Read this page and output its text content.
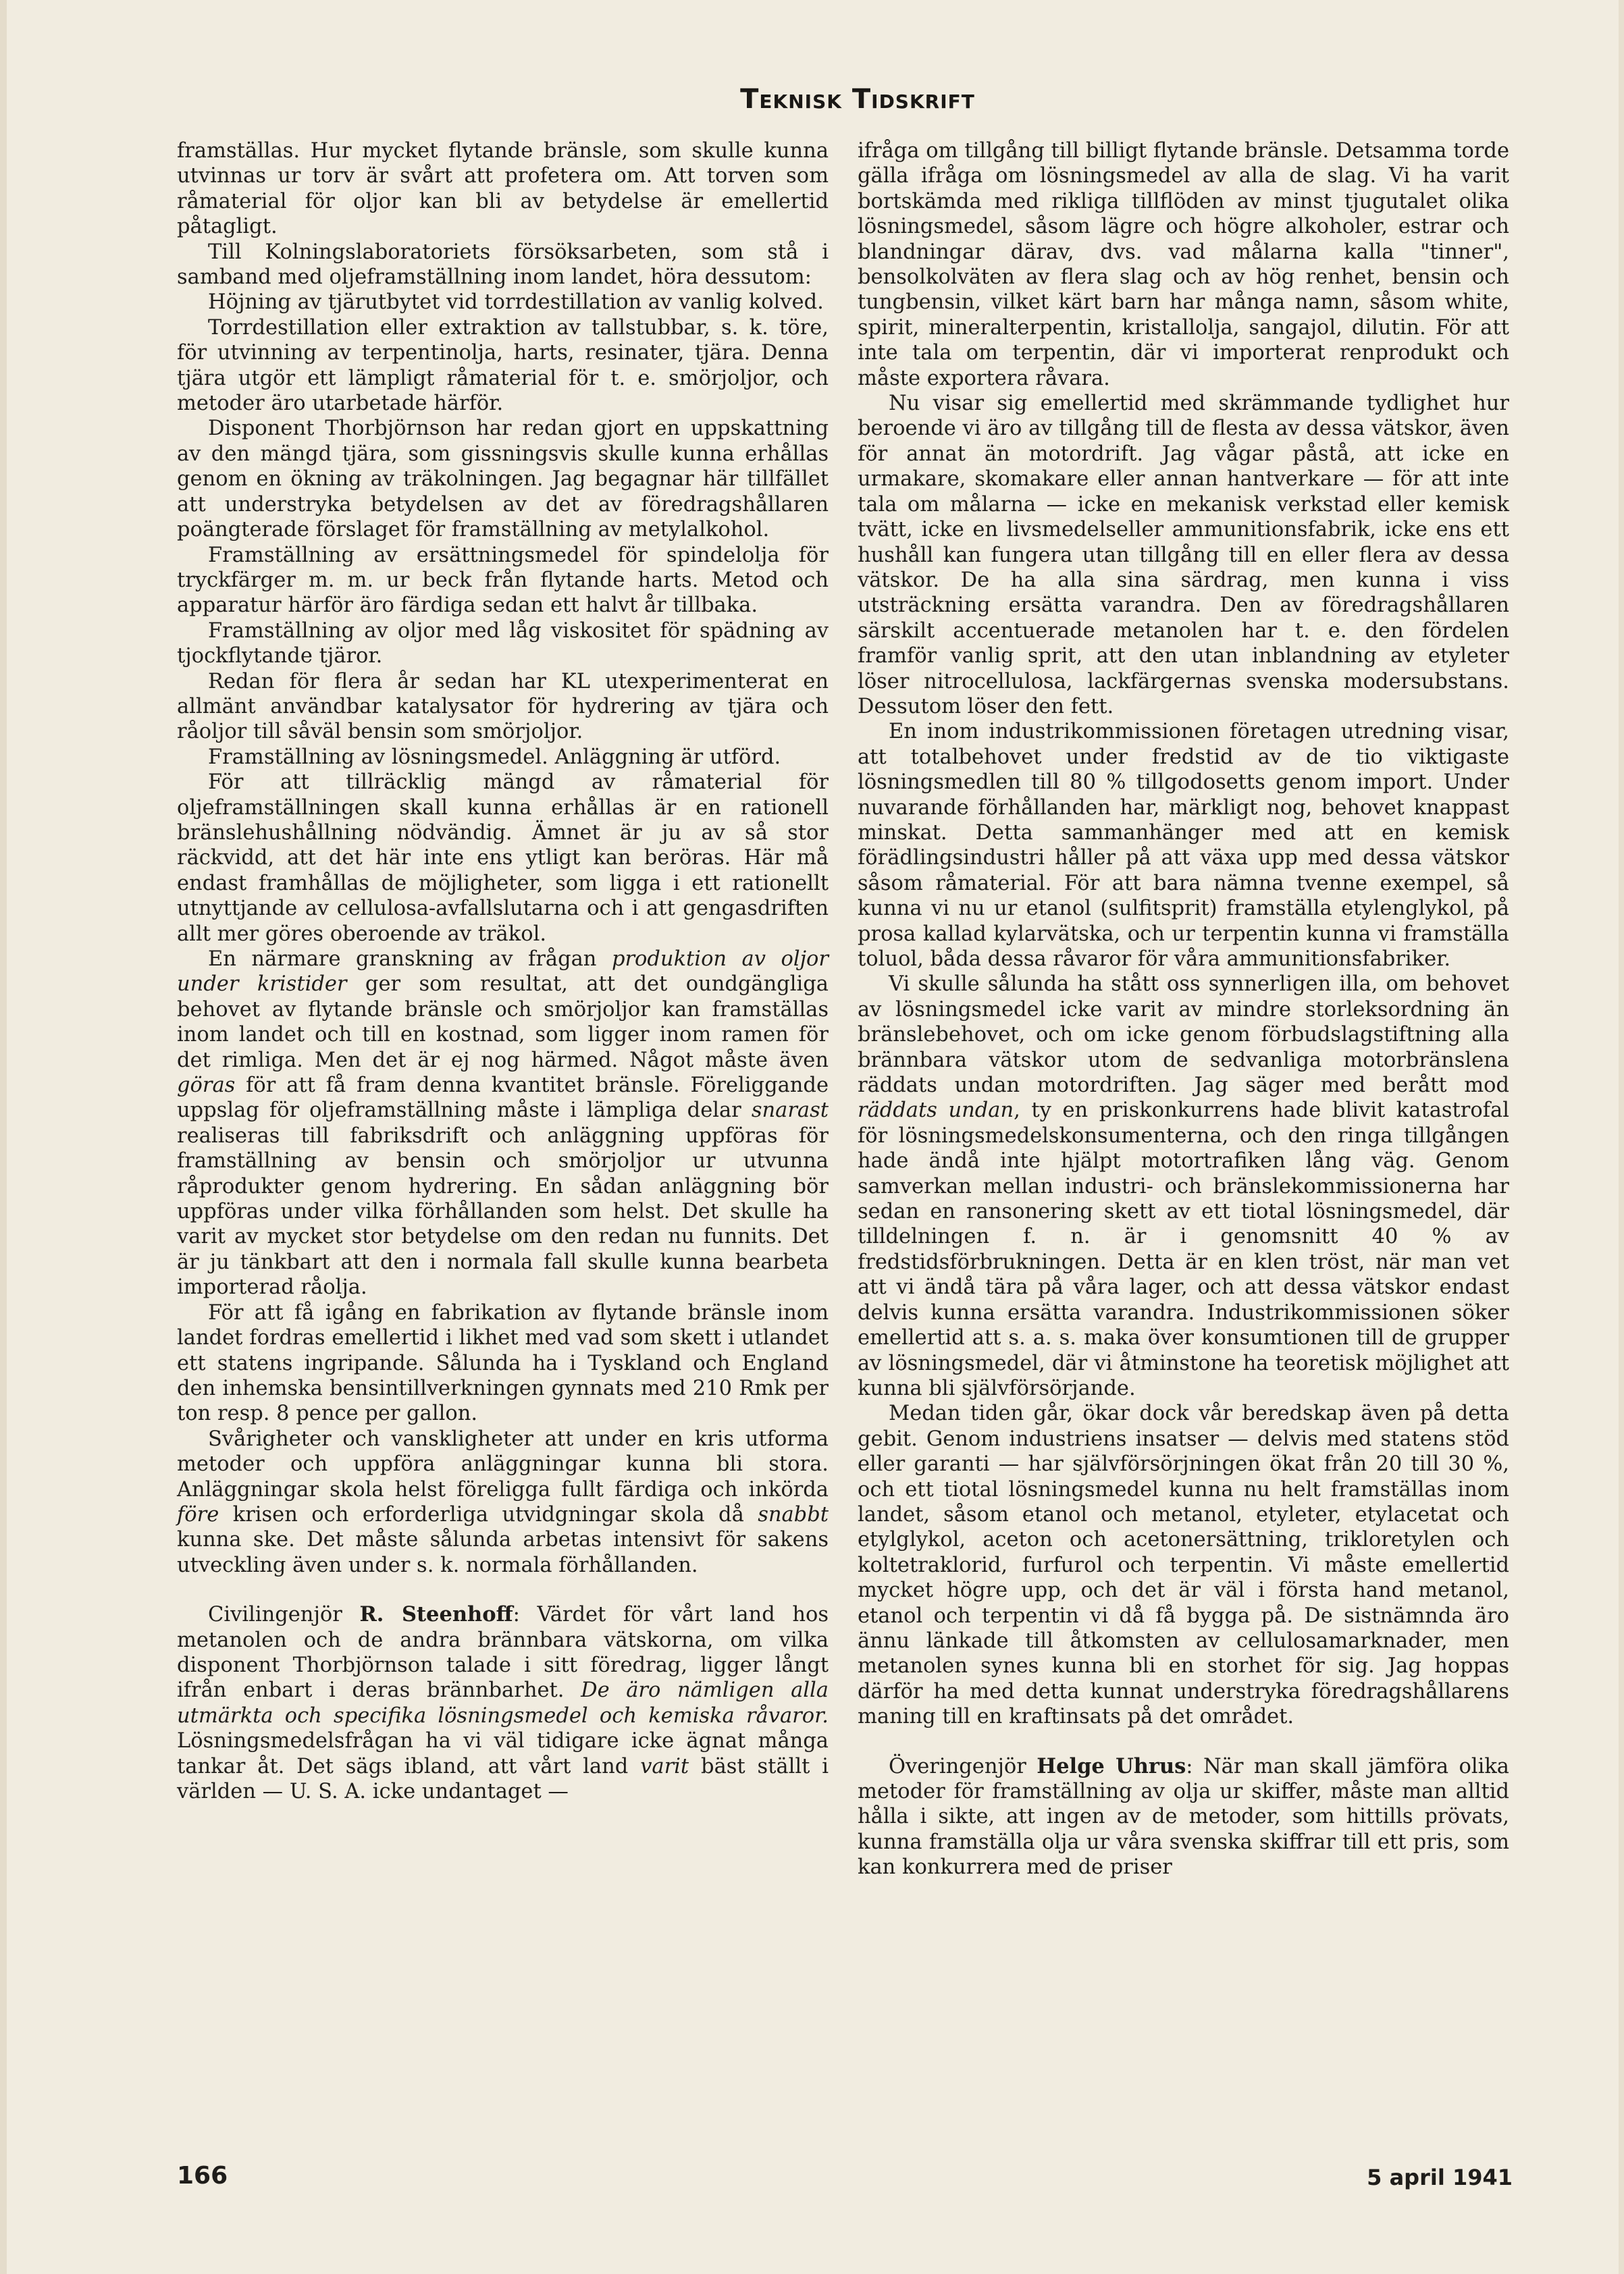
Teknisk Tidskrift

framställas. Hur mycket flytande bränsle, som skulle kunna utvinnas ur torv är svårt att profetera om. Att torven som råmaterial för oljor kan bli av betydelse är emellertid påtagligt.

Till Kolningslaboratoriets försöksarbeten, som stå i samband med oljeframställning inom landet, höra dessutom:

Höjning av tjärutbytet vid torrdestillation av vanlig kolved.

Torrdestillation eller extraktion av tallstubbar, s. k. töre, för utvinning av terpentinolja, harts, resinater, tjära. Denna tjära utgör ett lämpligt råmaterial för t. e. smörjoljor, och metoder äro utarbetade härför.

Disponent Thorbjörnson har redan gjort en uppskattning av den mängd tjära, som gissningsvis skulle kunna erhållas genom en ökning av träkolningen. Jag begagnar här tillfället att understryka betydelsen av det av föredragshållaren poängterade förslaget för framställning av metylalkohol.

Framställning av ersättningsmedel för spindelolja för tryckfärger m. m. ur beck från flytande harts. Metod och apparatur härför äro färdiga sedan ett halvt år tillbaka.

Framställning av oljor med låg viskositet för spädning av tjockflytande tjäror.

Redan för flera år sedan har KL utexperimenterat en allmänt användbar katalysator för hydrering av tjära och råoljor till såväl bensin som smörjoljor.

Framställning av lösningsmedel. Anläggning är utförd.

För att tillräcklig mängd av råmaterial för oljeframställningen skall kunna erhållas är en rationell bränslehushållning nödvändig. Ämnet är ju av så stor räckvidd, att det här inte ens ytligt kan beröras. Här må endast framhållas de möjligheter, som ligga i ett rationellt utnyttjande av cellulosa-avfallslutarna och i att gengasdriften allt mer göres oberoende av träkol.

En närmare granskning av frågan produktion av oljor under kristider ger som resultat, att det oundgängliga behovet av flytande bränsle och smörjoljor kan framställas inom landet och till en kostnad, som ligger inom ramen för det rimliga. Men det är ej nog härmed. Något måste även göras för att få fram denna kvantitet bränsle. Föreliggande uppslag för oljeframställning måste i lämpliga delar snarast realiseras till fabriksdrift och anläggning uppföras för framställning av bensin och smörjoljor ur utvunna råprodukter genom hydrering. En sådan anläggning bör uppföras under vilka förhållanden som helst. Det skulle ha varit av mycket stor betydelse om den redan nu funnits. Det är ju tänkbart att den i normala fall skulle kunna bearbeta importerad råolja.

För att få igång en fabrikation av flytande bränsle inom landet fordras emellertid i likhet med vad som skett i utlandet ett statens ingripande. Sålunda ha i Tyskland och England den inhemska bensintillverkningen gynnats med 210 Rmk per ton resp. 8 pence per gallon.

Svårigheter och vanskligheter att under en kris utforma metoder och uppföra anläggningar kunna bli stora. Anläggningar skola helst föreligga fullt färdiga och inkörda före krisen och erforderliga utvidgningar skola då snabbt kunna ske. Det måste sålunda arbetas intensivt för sakens utveckling även under s. k. normala förhållanden.

Civilingenjör R. Steenhoff: Värdet för vårt land hos metanolen och de andra brännbara vätskorna, om vilka disponent Thorbjörnson talade i sitt föredrag, ligger långt ifrån enbart i deras brännbarhet. De äro nämligen alla utmärkta och specifika lösningsmedel och kemiska råvaror. Lösningsmedelsfrågan ha vi väl tidigare icke ägnat många tankar åt. Det sägs ibland, att vårt land varit bäst ställt i världen — U. S. A. icke undantaget —

ifråga om tillgång till billigt flytande bränsle. Detsamma torde gälla ifråga om lösningsmedel av alla de slag. Vi ha varit bortskämda med rikliga tillflöden av minst tjugutalet olika lösningsmedel, såsom lägre och högre alkoholer, estrar och blandningar därav, dvs. vad målarna kalla "tinner", bensolkolväten av flera slag och av hög renhet, bensin och tungbensin, vilket kärt barn har många namn, såsom white, spirit, mineralterpentin, kristallolja, sangajol, dilutin. För att inte tala om terpentin, där vi importerat renprodukt och måste exportera råvara.

Nu visar sig emellertid med skrämmande tydlighet hur beroende vi äro av tillgång till de flesta av dessa vätskor, även för annat än motordrift. Jag vågar påstå, att icke en urmakare, skomakare eller annan hantverkare — för att inte tala om målarna — icke en mekanisk verkstad eller kemisk tvätt, icke en livsmedelseller ammunitionsfabrik, icke ens ett hushåll kan fungera utan tillgång till en eller flera av dessa vätskor. De ha alla sina särdrag, men kunna i viss utsträckning ersätta varandra. Den av föredragshållaren särskilt accentuerade metanolen har t. e. den fördelen framför vanlig sprit, att den utan inblandning av etyleter löser nitrocellulosa, lackfärgernas svenska modersubstans. Dessutom löser den fett.

En inom industrikommissionen företagen utredning visar, att totalbehovet under fredstid av de tio viktigaste lösningsmedlen till 80 % tillgodosetts genom import. Under nuvarande förhållanden har, märkligt nog, behovet knappast minskat. Detta sammanhänger med att en kemisk förädlingsindustri håller på att växa upp med dessa vätskor såsom råmaterial. För att bara nämna tvenne exempel, så kunna vi nu ur etanol (sulfitsprit) framställa etylenglykol, på prosa kallad kylarvätska, och ur terpentin kunna vi framställa toluol, båda dessa råvaror för våra ammunitionsfabriker.

Vi skulle sålunda ha stått oss synnerligen illa, om behovet av lösningsmedel icke varit av mindre storleksordning än bränslebehovet, och om icke genom förbudslagstiftning alla brännbara vätskor utom de sedvanliga motorbränslena räddats undan motordriften. Jag säger med berått mod räddats undan, ty en priskonkurrens hade blivit katastrofal för lösningsmedelskonsumenterna, och den ringa tillgången hade ändå inte hjälpt motortrafiken lång väg. Genom samverkan mellan industri- och bränslekommissionerna har sedan en ransonering skett av ett tiotal lösningsmedel, där tilldelningen f. n. är i genomsnitt 40 % av fredstidsförbrukningen. Detta är en klen tröst, när man vet att vi ändå tära på våra lager, och att dessa vätskor endast delvis kunna ersätta varandra. Industrikommissionen söker emellertid att s. a. s. maka över konsumtionen till de grupper av lösningsmedel, där vi åtminstone ha teoretisk möjlighet att kunna bli självförsörjande.

Medan tiden går, ökar dock vår beredskap även på detta gebit. Genom industriens insatser — delvis med statens stöd eller garanti — har självförsörjningen ökat från 20 till 30 %, och ett tiotal lösningsmedel kunna nu helt framställas inom landet, såsom etanol och metanol, etyleter, etylacetat och etylglykol, aceton och acetonersättning, trikloretylen och koltetraklorid, furfurol och terpentin. Vi måste emellertid mycket högre upp, och det är väl i första hand metanol, etanol och terpentin vi då få bygga på. De sistnämnda äro ännu länkade till åtkomsten av cellulosamarknader, men metanolen synes kunna bli en storhet för sig. Jag hoppas därför ha med detta kunnat understryka föredragshållarens maning till en kraftinsats på det området.

Överingenjör Helge Uhrus: När man skall jämföra olika metoder för framställning av olja ur skiffer, måste man alltid hålla i sikte, att ingen av de metoder, som hittills prövats, kunna framställa olja ur våra svenska skiffrar till ett pris, som kan konkurrera med de priser

166	5 april 1941
